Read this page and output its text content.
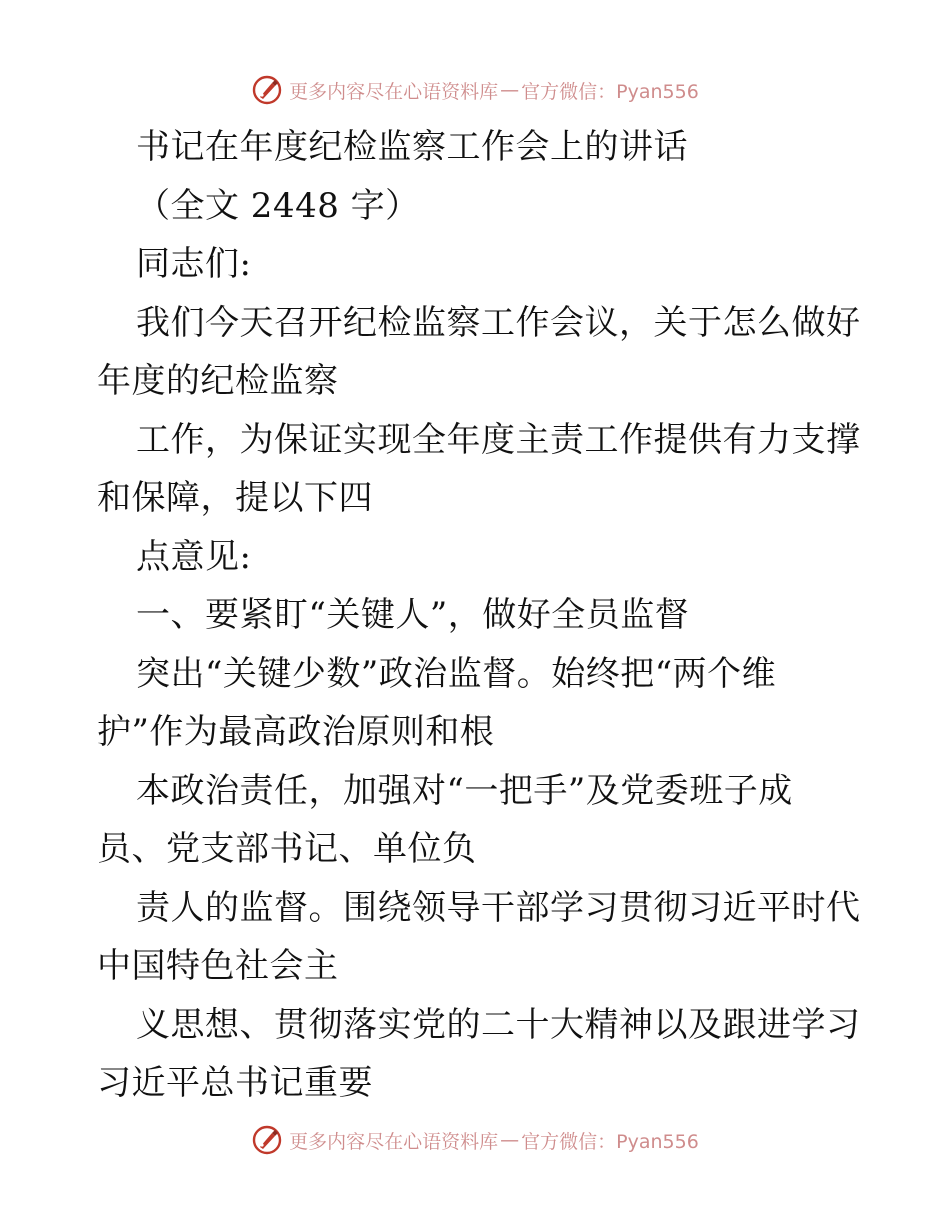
更多内容尽在心语资料库 — 官方微信：Pyan556
书记在年度纪检监察工作会上的讲话
（全文 2448 字）
同志们:
我们今天召开纪检监察工作会议，关于怎么做好
年度的纪检监察
工作，为保证实现全年度主责工作提供有力支撑
和保障，提以下四
点意见:
一、要紧盯“关键人”，做好全员监督
突出“关键少数”政治监督。始终把“两个维
护”作为最高政治原则和根
本政治责任，加强对“一把手”及党委班子成
员、党支部书记、单位负
责人的监督。围绕领导干部学习贯彻习近平时代
中国特色社会主
义思想、贯彻落实党的二十大精神以及跟进学习
习近平总书记重要
更多内容尽在心语资料库 — 官方微信：Pyan556
